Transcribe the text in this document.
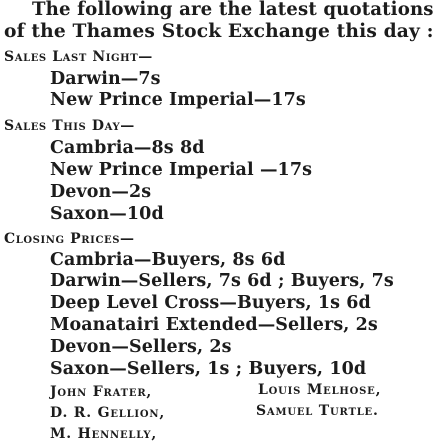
The following are the latest quotations
of the Thames Stock Exchange this day :
Sales Last Night—
Darwin—7s
New Prince Imperial—17s
Sales This Day—
Cambria—8s 8d
New Prince Imperial —17s
Devon—2s
Saxon—10d
Closing Prices—
Cambria—Buyers, 8s 6d
Darwin—Sellers, 7s 6d ; Buyers, 7s
Deep Level Cross—Buyers, 1s 6d
Moanatairi Extended—Sellers, 2s
Devon—Sellers, 2s
Saxon—Sellers, 1s ; Buyers, 10d
John Frater,	Louis Melhose,
D. R. Gellion,	Samuel Turtle.
M. Hennelly,
